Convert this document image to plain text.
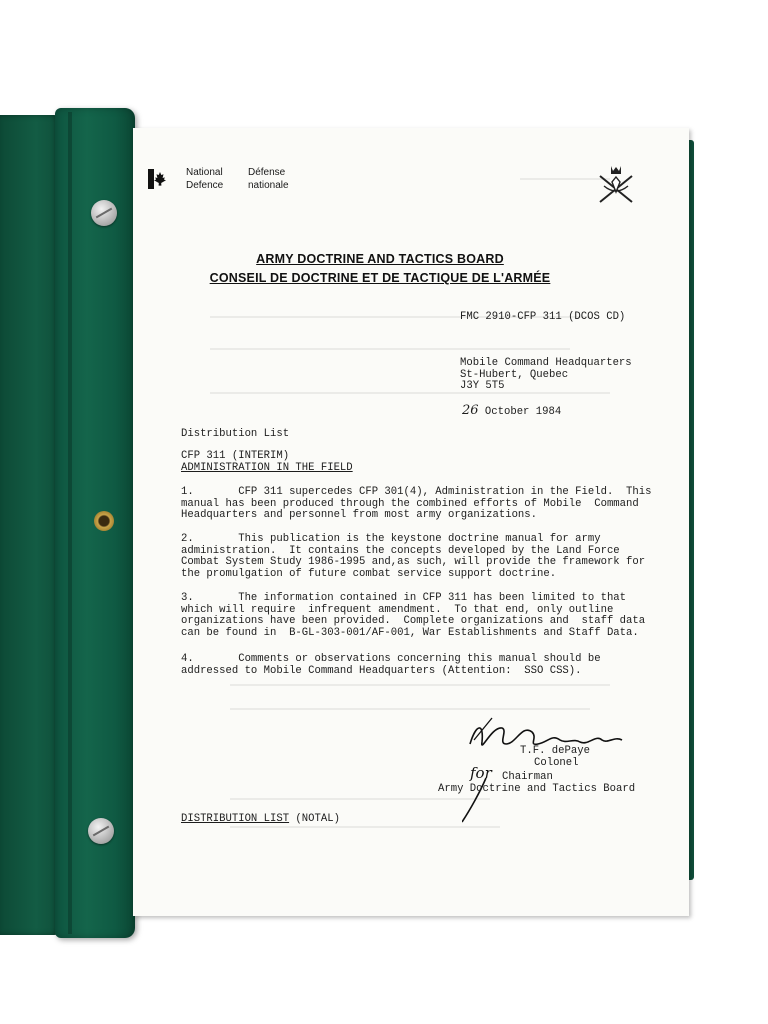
National
Defence
Défense
nationale
ARMY DOCTRINE AND TACTICS BOARD
CONSEIL DE DOCTRINE ET DE TACTIQUE DE L'ARMÉE
FMC 2910-CFP 311 (DCOS CD)
Mobile Command Headquarters
St-Hubert, Quebec
J3Y 5T5
26 October 1984
Distribution List
CFP 311 (INTERIM)
ADMINISTRATION IN THE FIELD
1.       CFP 311 supercedes CFP 301(4), Administration in the Field.  This
manual has been produced through the combined efforts of Mobile  Command
Headquarters and personnel from most army organizations.
2.       This publication is the keystone doctrine manual for army
administration.  It contains the concepts developed by the Land Force
Combat System Study 1986-1995 and,as such, will provide the framework for
the promulgation of future combat service support doctrine.
3.       The information contained in CFP 311 has been limited to that
which will require  infrequent amendment.  To that end, only outline
organizations have been provided.  Complete organizations and  staff data
can be found in  B-GL-303-001/AF-001, War Establishments and Staff Data.
4.       Comments or observations concerning this manual should be
addressed to Mobile Command Headquarters (Attention:  SSO CSS).
T.F. dePaye
Colonel
for Chairman
Army Doctrine and Tactics Board
DISTRIBUTION LIST (NOTAL)
